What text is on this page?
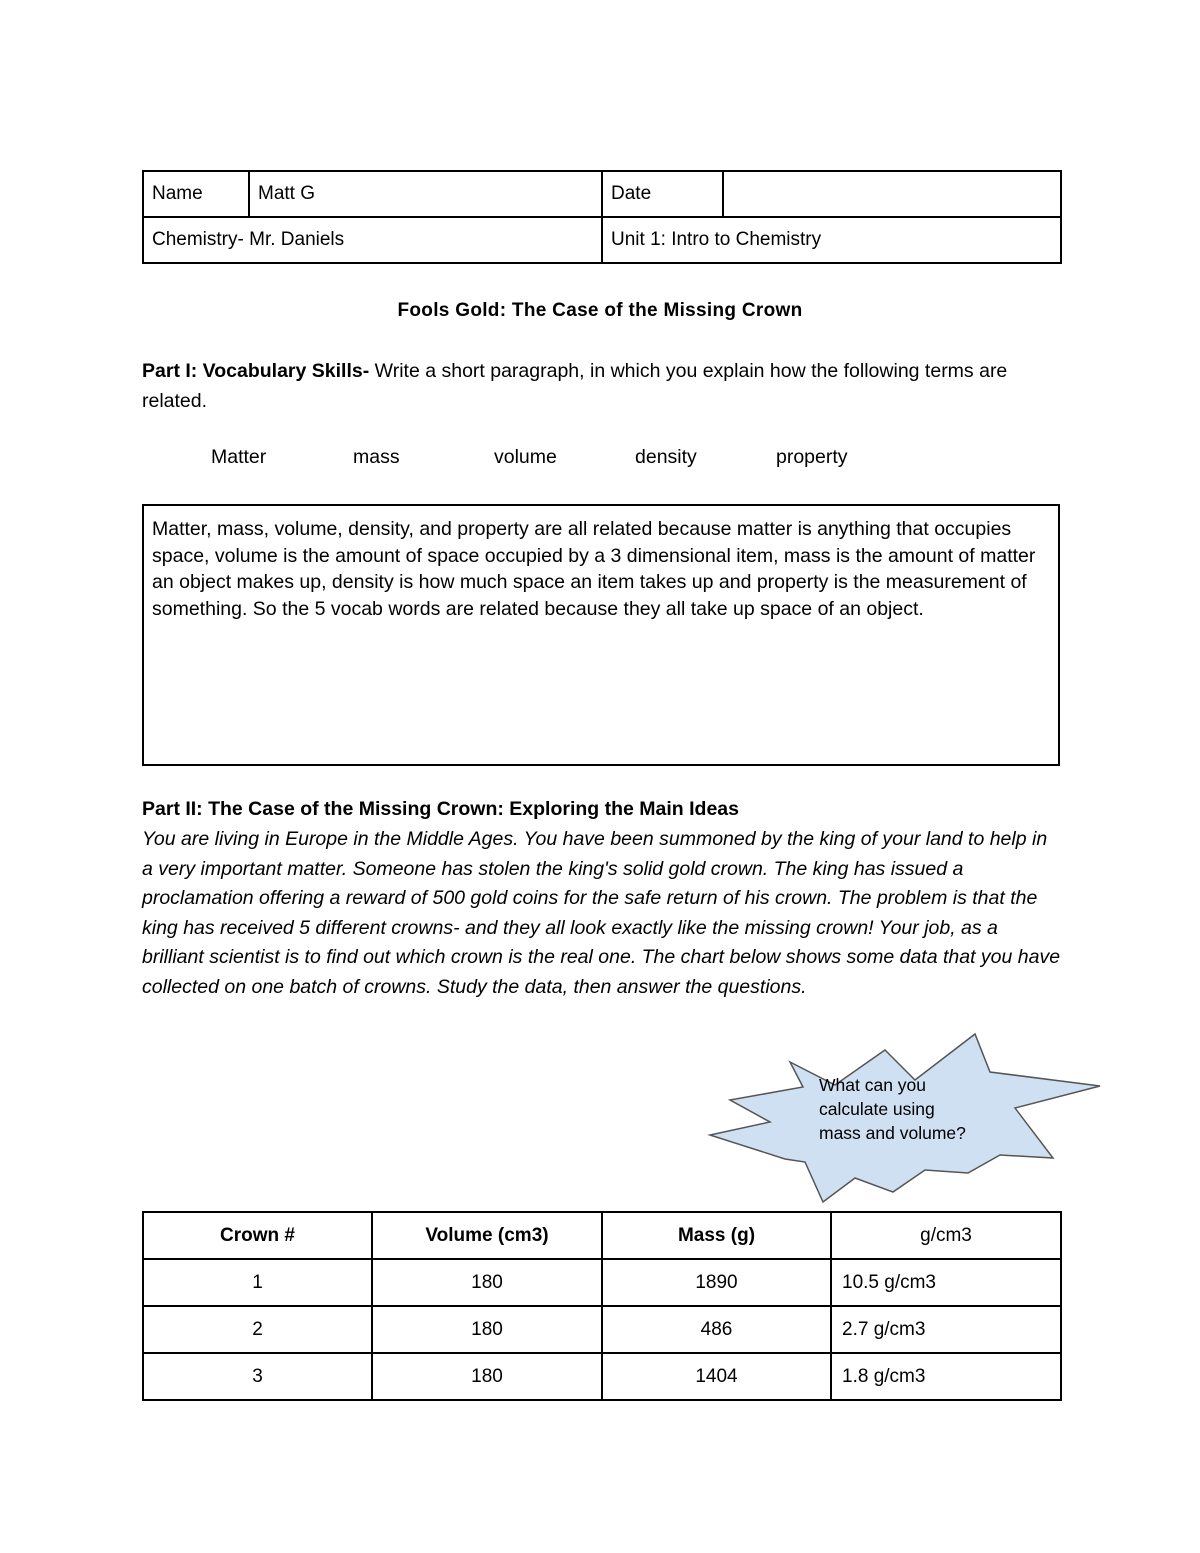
Name	Matt G	Date	
Chemistry- Mr. Daniels		Unit 1: Intro to Chemistry	
Fools Gold: The Case of the Missing Crown
Part I: Vocabulary Skills- Write a short paragraph, in which you explain how the following terms are related.
Matter	mass	volume	density	property
Matter, mass, volume, density, and property are all related because matter is anything that occupies space, volume is the amount of space occupied by a 3 dimensional item, mass is the amount of matter an object makes up, density is how much space an item takes up and property is the measurement of something. So the 5 vocab words are related because they all take up space of an object.
Part II: The Case of the Missing Crown: Exploring the Main Ideas
You are living in Europe in the Middle Ages. You have been summoned by the king of your land to help in a very important matter. Someone has stolen the king's solid gold crown. The king has issued a proclamation offering a reward of 500 gold coins for the safe return of his crown. The problem is that the king has received 5 different crowns- and they all look exactly like the missing crown! Your job, as a brilliant scientist is to find out which crown is the real one. The chart below shows some data that you have collected on one batch of crowns. Study the data, then answer the questions.
What can you calculate using mass and volume?
Crown #	Volume (cm3)	Mass (g)	g/cm3
1	180	1890	10.5 g/cm3
2	180	486	2.7 g/cm3
3	180	1404	1.8 g/cm3
